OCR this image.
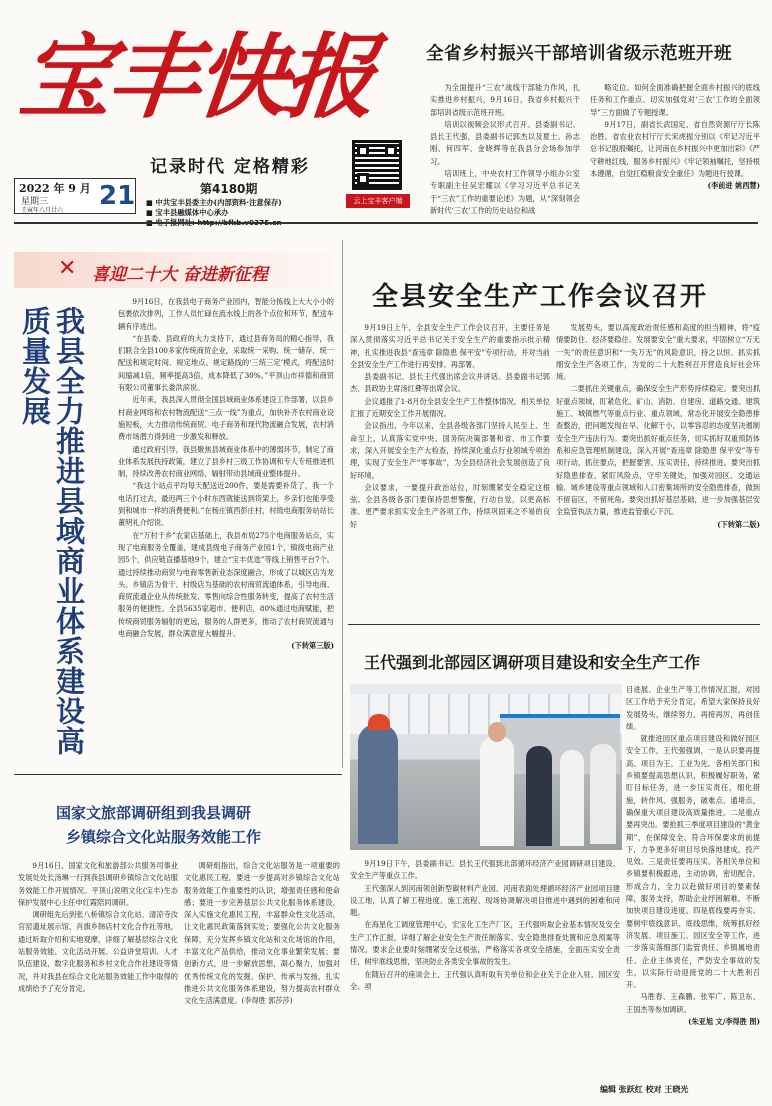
宝丰快报
记录时代 定格精彩
2022 年 9 月
星期三
壬寅年八月廿六 21	第4180期
■ 中共宝丰县委主办(内部资料·注意保存)
■ 宝丰县融媒体中心承办
云上宝丰客户端
全省乡村振兴干部培训省级示范班开班
为全面提升“三农”战线干部能力作风，扎实推进乡村振兴，9月16日，我省乡村振兴干部培训省级示范班开班。
培训以视频会议形式召开。县委副书记、县长王代强，县委副书记郭杰以及夏士、孙志刚、何四军、金晓辉等在我县分会场参加学习。
培训班上，中央农村工作领导小组办公室专职副主任吴宏耀以《学习习近平总书记关于“三农”工作的重要论述》为题，从“深刻领会新时代‘三农’工作的历史站位和战
略定位、如何全面准确把握全面乡村振兴的底线任务和工作重点、切实加强党对‘三农’工作的全面领导”三方面做了专题授课。
9月17日，副省长武国定、省自然资源厅厅长陈治胜、省农业农村厅厅长宋虎振分别以《牢记习近平总书记殷殷嘱托，让河南在乡村振兴中更加出彩》《严守耕地红线，服务乡村振兴》《牢记领袖嘱托，坚持根本遵循，自觉扛稳粮食安全重任》为题进行授课。
(李前进 姚西慧)
✕ 喜迎二十大 奋进新征程
我县全力推进县域商业体系建设高质量发展
9月16日，在我县电子商务产业园内，智能分拣线上大大小小的包裹依次排列，工作人员忙碌在流水线上的各个点位和环节，配送车辆有序进出。
“在县委、县政府的大力支持下，通过县商务局的精心指导，我们联合全县100多家传统商贸企业，采取统一采购、统一储存、统一配送和规定时间、规定地点、规定路线的‘三统三定’模式，将配送时间缩减1倍，频率提高3倍，成本降低了30%。”平顶山市祥德和商贸有限公司董事长娄洪滨说。
近年来，我县深入贯彻全国县域商业体系建设工作部署，以县乡村商业网络和农村物流配送“三点一线”为重点，加快补齐农村商业设施短板，大力推动传统商贸、电子商务和现代物流融合发展，农村消费市场潜力得到进一步激发和释放。
通过政府引导，我县聚焦县域商业体系中的薄弱环节，制定了商业体系发展扶持政策，建立了县乡村三级工作协调和专人专班推进机制，持续改善农村商业网络，辐射带动县域商业整体提升。
“我这个站点平均每天配送近200件，要是需要补货了，我一个电话打过去，最迟两三个小时东西就能送到货架上，乡亲们也能享受到和城市一样的消费便利。”在杨庄镇西彭庄村，村级电商服务站站长董明礼介绍说。
在“万村千乡”农家店基础上，我县布局275个电商服务站点，实现了电商服务全覆盖，建成县级电子商务产业园1个，镇级电商产业园5个，供应链直播基地9个，建立“宝丰优选”等线上销售平台7个。通过持续推动商贸与电商零售新业态深度融合，形成了以城区店为龙头、乡镇店为骨干、村级店为基础的农村商贸流通体系，引导电商、商贸流通企业从传统批发、零售向综合性服务转变，提高了农村生活服务的便捷性。全县5635家超市、便利店，80%通过电商赋能，把传统商贸服务辐射的更远，服务的人群更多，推动了农村商贸流通与电商融合发展，群众满意度大幅提升。
(下转第三版)
全县安全生产工作会议召开
9月19日上午，全县安全生产工作会议召开，主要任务是深入贯彻落实习近平总书记关于安全生产的重要指示批示精神，扎实推进我县“查违章 除隐患 保平安”专项行动，并对当前全县安全生产工作进行再安排、再部署。
县委副书记、县长王代强出席会议并讲话。县委副书记郭杰、县政协主席汤红彝等出席会议。
会议通报了1-8月份全县安全生产工作整体情况，相关单位汇报了近期安全工作开展情况。
会议指出，今年以来，全县各级各部门坚持人民至上、生命至上，认真落实党中央、国务院决策部署和省、市工作要求，深入开展安全生产大检查，持续深化重点行业领域专项治理，实现了安全生产“零事故”，为全县经济社会发展创造了良好环境。
会议要求，一要提升政治站位，时刻绷紧安全稳定这根弦。全县各级各部门要保持思想警醒，行动自觉，以更高标准、更严要求抓实安全生产各项工作，持续巩固来之不易的良好
发展势头，要以高度政治责任感和高度的担当精神，将“疫情要防住、经济要稳住、发展要安全”重大要求，牢固树立“万无一失”的责任意识和“一失万无”的风险意识，持之以恒、抓实抓细安全生产各项工作，为党的二十大胜利召开营造良好社会环境。
二要抓住关键重点，确保安全生产形势持续稳定。要突出抓好重点领域，盯紧危化、矿山、消防、自建房、道路交通、建筑施工、城镇燃气等重点行业、重点领域，常态化开展安全隐患排查整治，把问题发现在早、化解于小，以零容忍的态度坚决遏制安全生产违法行为。要突出抓好重点任务，切实抓好双重预防体系和应急管理机制建设，深入开展“查违章 除隐患 保平安”等专项行动，抓住要点，把握要害，压实责任，持续推进。要突出抓好隐患排查，紧盯风险点，守牢关键处，加强对园区、交通运输、城乡建设等重点领域和人口密集场所的安全隐患排查，做到不留盲区，不留死角。要突出抓好基层基础，进一步加强基层安全监管执法力量，推进监管重心下沉。
(下转第二版)
王代强到北部园区调研项目建设和安全生产工作
目进展、企业生产等工作情况汇报，对园区工作给予充分肯定，希望大家保持良好发展势头，继续努力，再接再厉，再创佳绩。
就推进园区重点项目建设和做好园区安全工作，王代强强调，一是认识要再提高。项目为王，工业为先。各相关部门和乡镇要提高思想认识，积极履好职务，紧盯目标任务，进一步压实责任，细化措施，转作风、强服务，破难点、通堵点，确保重大项目建设高质量推进。二是重点要再突出。要抢抓三季度项目建设的“黄金期”，在保障安全、符合环保要求的前提下，力争更多好项目尽快落地建成，投产见效。三是责任要再压实。各相关单位和乡镇要积极跟进，主动协调，密切配合，形成合力，全力以赴做好项目的要素保障，服务支持，帮助企业纾困解难，不断加快项目建设进度。四是底线要再夯实。要树牢底线意识、底线思维，统筹抓好经济发展、项目施工、园区安全等工作，进一步落实落细部门监管责任、乡镇属地责任、企业主体责任，严防安全事故的发生，以实际行动迎接党的二十大胜利召开。
马胜春、王森鹏、张军广、陈卫东、王国杰等参加调研。
(朱亚旭 文/李得胜 图)
9月19日下午，县委副书记、县长王代强到北部循环经济产业园调研项目建设、安全生产等重点工作。
王代强深入到河南领创新型碳材料产业园、河南表面处理循环经济产业园项目建设工地，认真了解工程进度、施工流程、现场协调解决项目推进中遇到的困难和问题。
在海星化工调度管理中心，宏宝化工生产厂区，王代强听取企业基本情况及安全生产工作汇报，详细了解企业安全生产责任制落实、安全隐患排查处置和应急预案等情况，要求企业要时刻绷紧安全这根弦，严格落实各项安全措施，全面压实安全责任，树牢底线思维，坚决防止各类安全事故的发生。
在随后召开的座谈会上，王代强认真听取有关单位和企业关于企业入驻、园区安全、项
国家文旅部调研组到我县调研
乡镇综合文化站服务效能工作
9月16日，国家文化和旅游部公共服务司事业发展处处长汤琳一行到我县调研乡镇综合文化站服务效能工作开展情况。平顶山说唱文化(宝丰)生态保护发展中心主任申红霞陪同调研。
调研组先后到张八桥镇综合文化站、清凉寺汝官窑遗址展示馆、肖旗乡韩店村文化合作社等地，通过听取介绍和实地观摩，详细了解基层综合文化站服务效能、文化活动开展、公益讲堂培训、人才队伍建设，数字化服务和乡村文化合作社建设等情况，并对我县在综合文化站服务效能工作中取得的成绩给予了充分肯定。
调研组指出，综合文化站服务是一项重要的文化惠民工程，要进一步提高对乡镇综合文化站服务效能工作重要性的认识，增强责任感和使命感；要进一步完善基层公共文化服务体系建设，深入实施文化惠民工程，丰富群众性文化活动，让文化惠民政策落到实处；要强化公共文化服务保障，充分发挥乡镇文化站和文化场馆的作用，丰富文化产品供给，推动文化事业繁荣发展；要创新方式，进一步解放思想，凝心聚力，加强对优秀传统文化的发掘、保护、传承与发扬，扎实推进公共文化服务体系建设，努力提高农村群众文化生活满意度。(李得胜 郭莎莎)
编辑 张跃红 校对 王晓光
